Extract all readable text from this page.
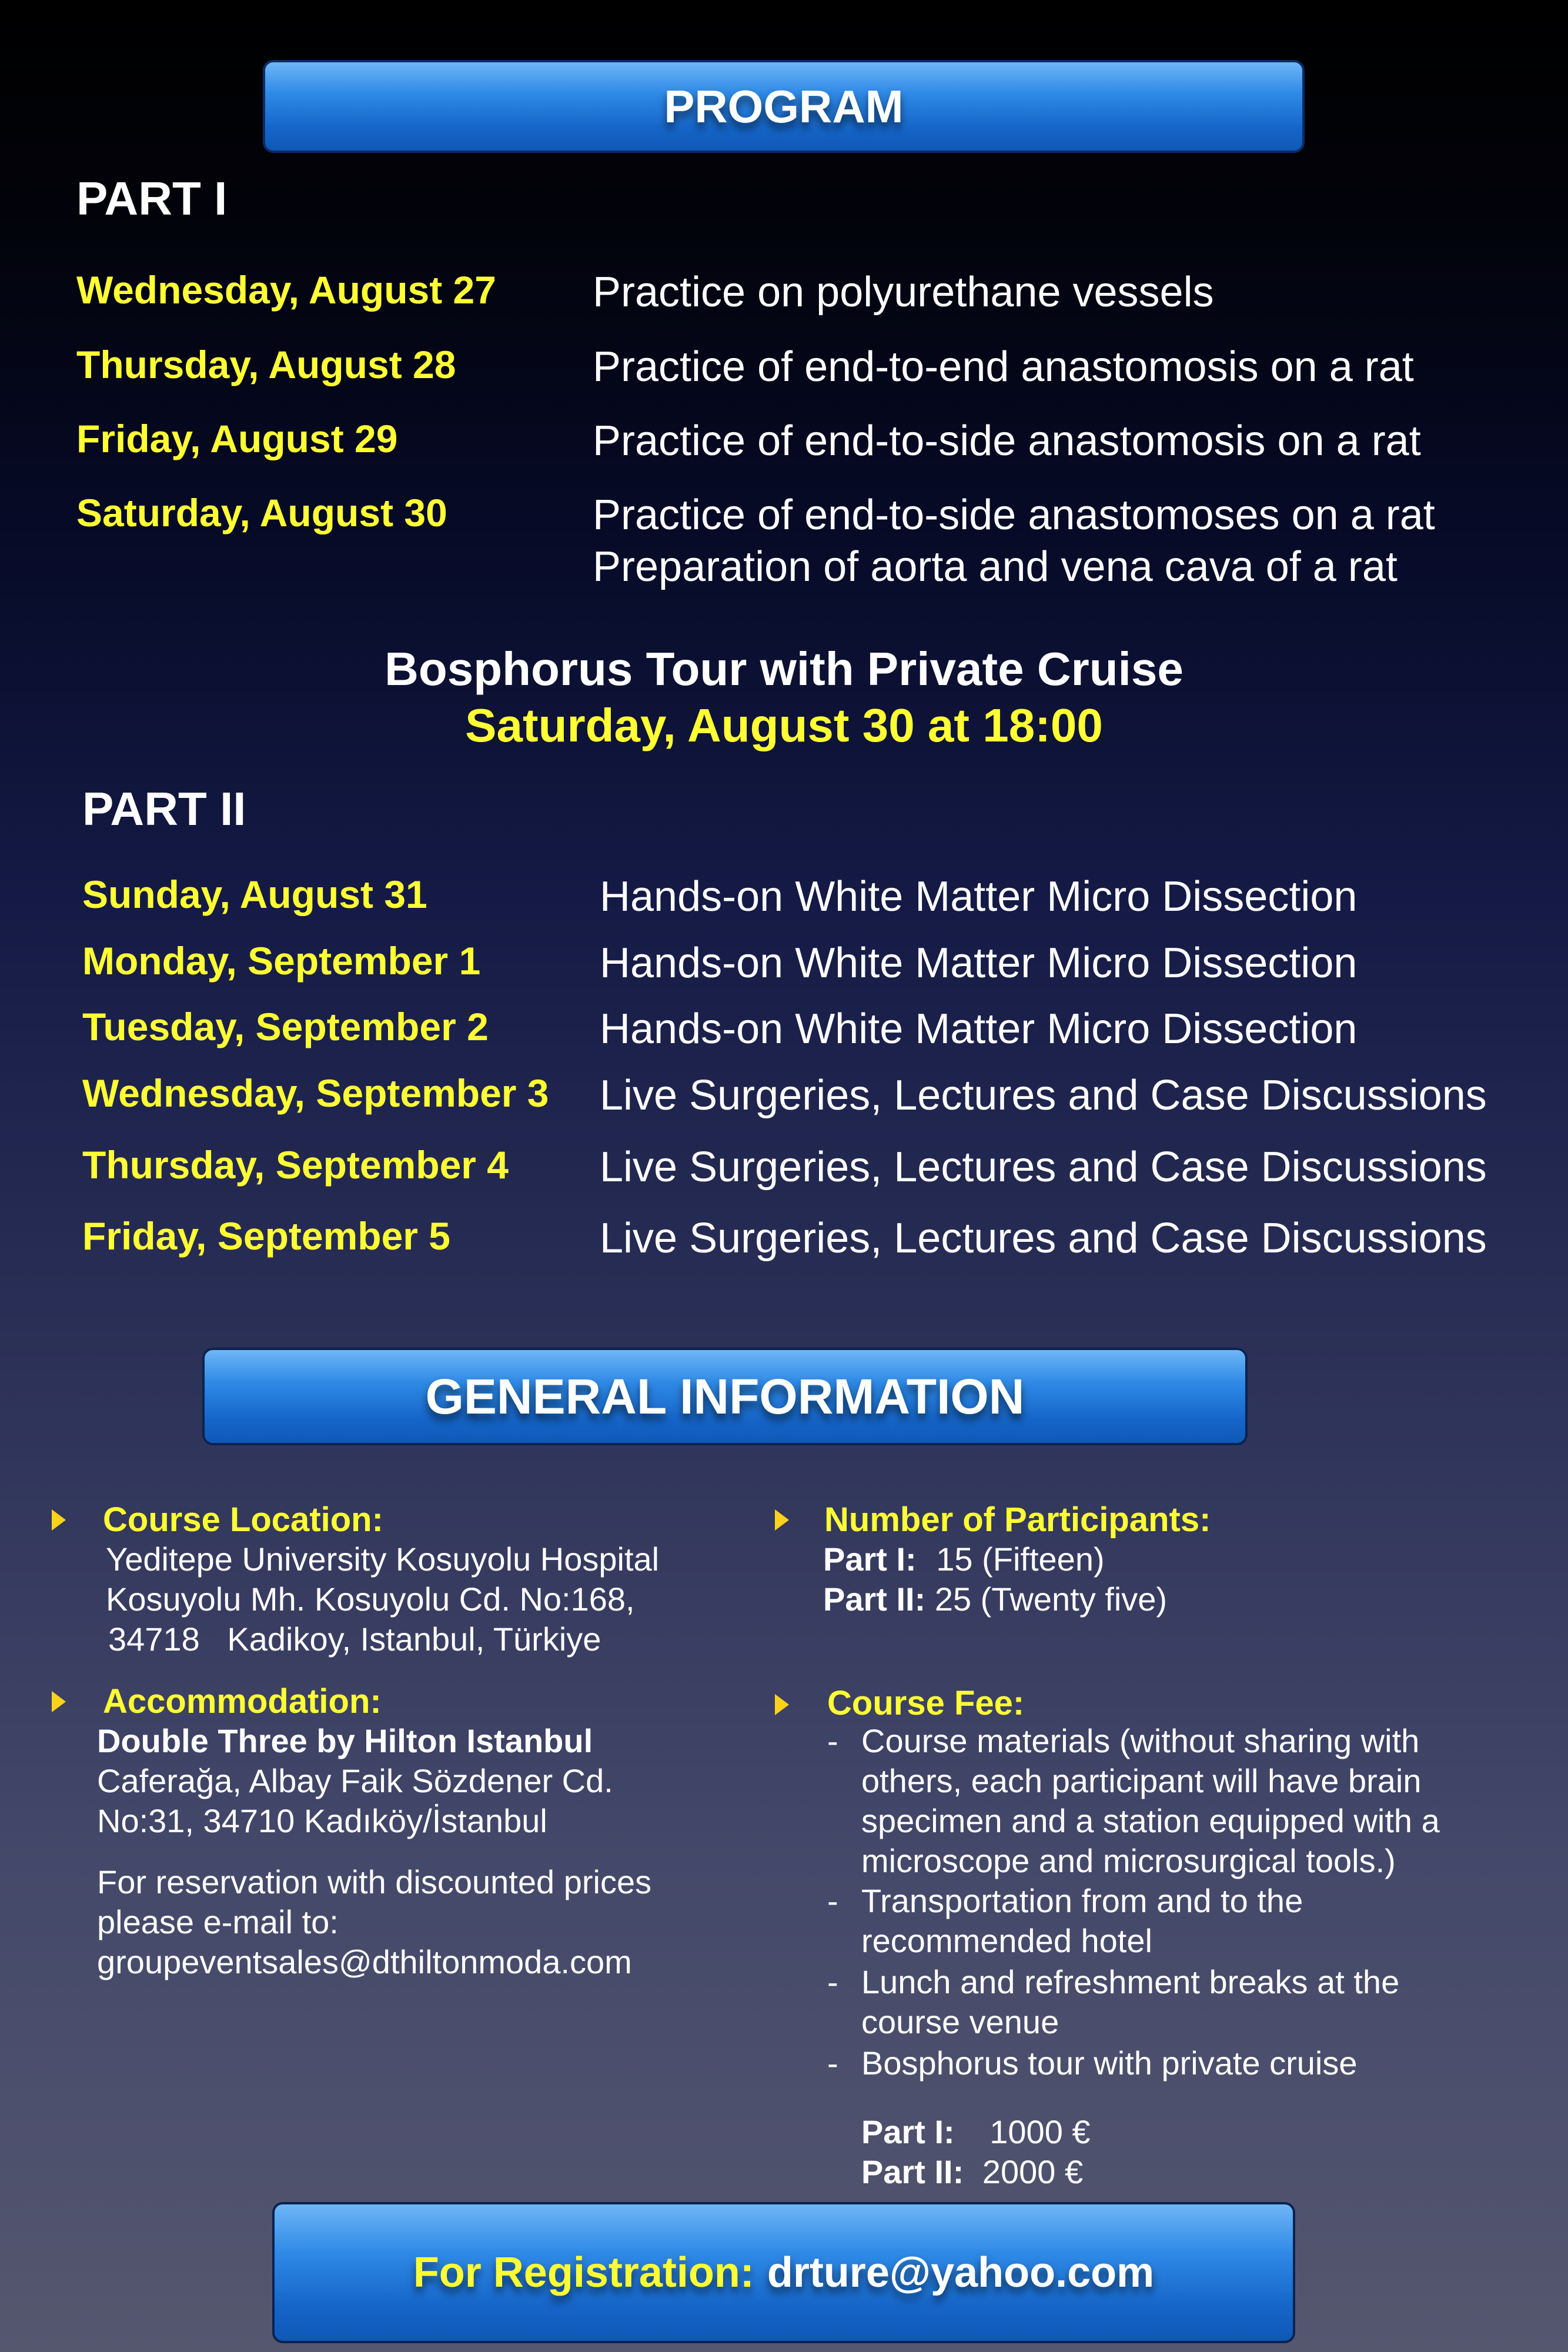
PROGRAM
PART I
Wednesday, August 27 Practice on polyurethane vessels
Thursday, August 28	Practice of end-to-end anastomosis on a rat
Friday, August 29	Practice of end-to-side anastomosis on a rat
Saturday, August 30	Practice of end-to-side anastomoses on a rat
Preparation of aorta and vena cava of a rat
Bosphorus Tour with Private Cruise
Saturday, August 30 at 18:00
PART II
Sunday, August 31	Hands-on White Matter Micro Dissection
Monday, September 1	Hands-on White Matter Micro Dissection
Tuesday, September 2	Hands-on White Matter Micro Dissection
Wednesday, September 3 Live Surgeries, Lectures and Case Discussions
Thursday, September 4 Live Surgeries, Lectures and Case Discussions
Friday, September 5	Live Surgeries, Lectures and Case Discussions
GENERAL INFORMATION
Course Location:
Yeditepe University Kosuyolu Hospital
Kosuyolu Mh. Kosuyolu Cd. No:168,
34718   Kadikoy, Istanbul, Türkiye
Accommodation:
Double Three by Hilton Istanbul
Caferağa, Albay Faik Sözdener Cd.
No:31, 34710 Kadıköy/İstanbul
For reservation with discounted prices
please e-mail to:
groupeventsales@dthiltonmoda.com
Number of Participants:
Part I: 15 (Fifteen)
Part II: 25 (Twenty five)
Course Fee:
- Course materials (without sharing with
others, each participant will have brain
specimen and a station equipped with a
microscope and microsurgical tools.)
- Transportation from and to the
recommended hotel
- Lunch and refreshment breaks at the
course venue
- Bosphorus tour with private cruise
Part I: 1000 €
Part II: 2000 €
For Registration: drture@yahoo.com
